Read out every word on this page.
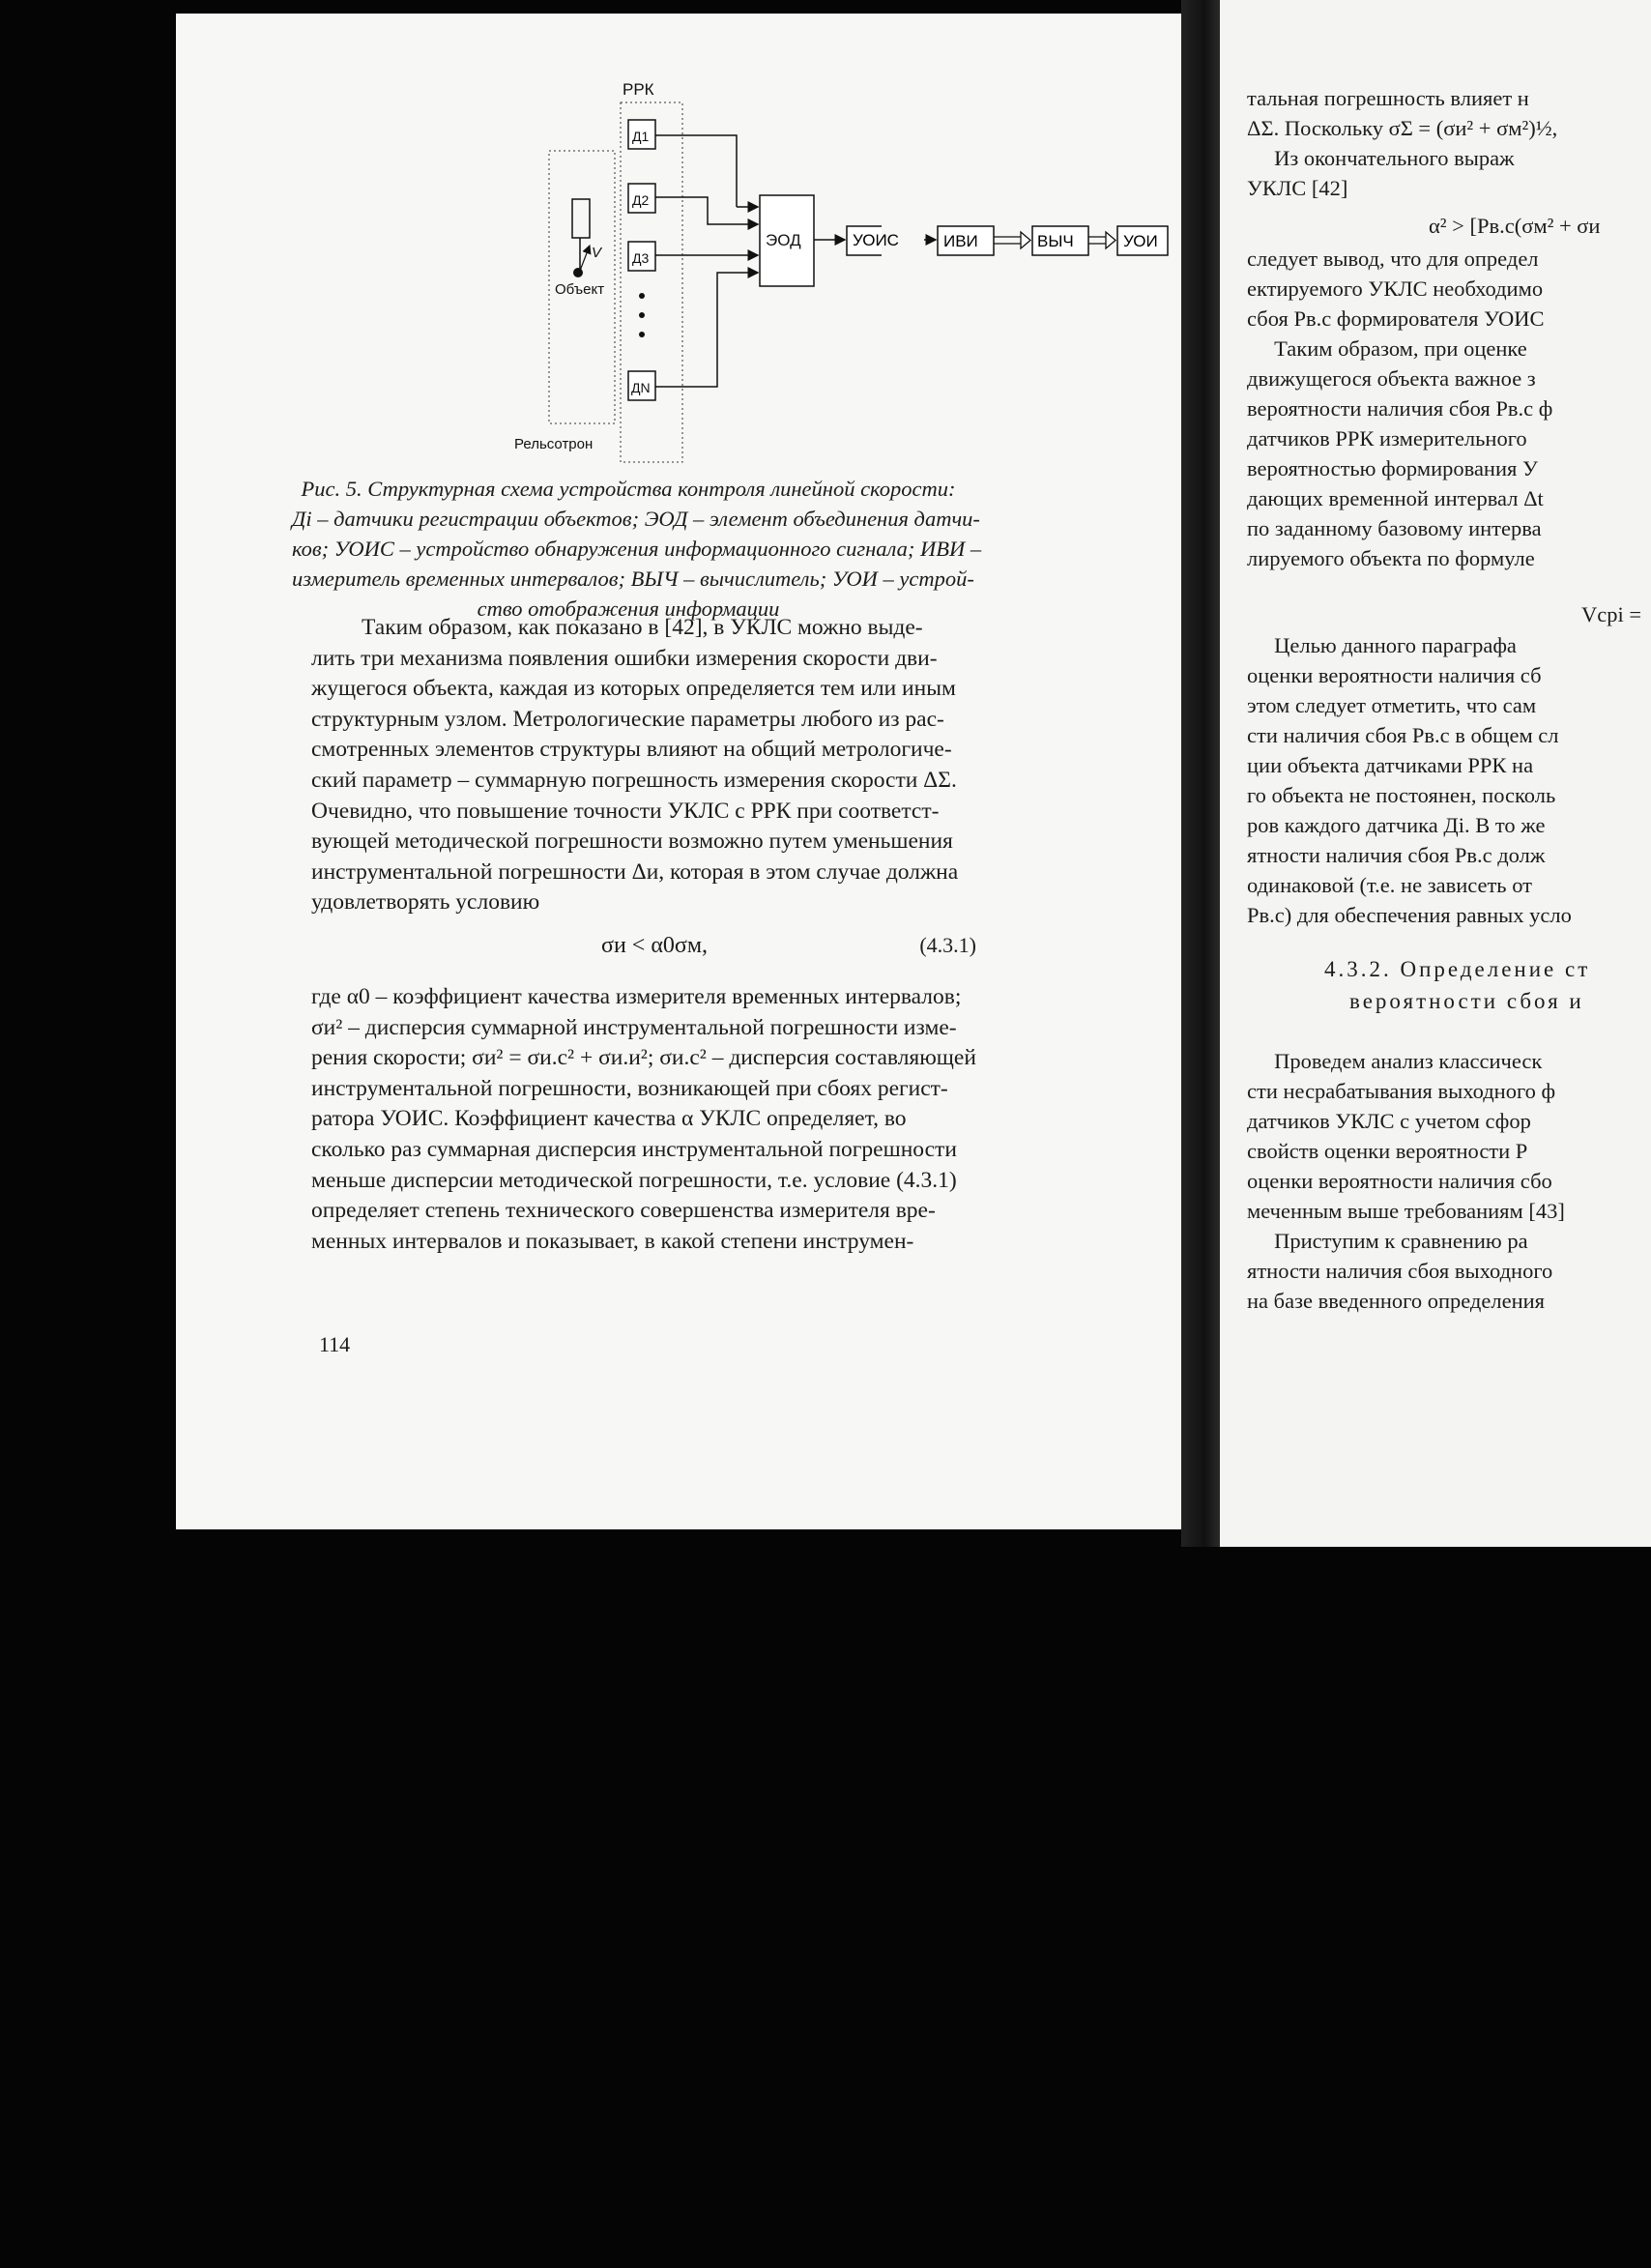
РРК
V
Объект
Рельсотрон
Д1
Д2
Д3
ДN
ЭОД	УОИС	ИВИ	ВЫЧ	УОИ
Рис. 5. Структурная схема устройства контроля линейной скорости:
Дi – датчики регистрации объектов; ЭОД – элемент объединения датчи-
ков; УОИС – устройство обнаружения информационного сигнала; ИВИ –
измеритель временных интервалов; ВЫЧ – вычислитель; УОИ – устрой-
ство отображения информации
Таким образом, как показано в [42], в УКЛС можно выде-
лить три механизма появления ошибки измерения скорости дви-
жущегося объекта, каждая из которых определяется тем или иным
структурным узлом. Метрологические параметры любого из рас-
смотренных элементов структуры влияют на общий метрологиче-
ский параметр – суммарную погрешность измерения скорости ΔΣ.
Очевидно, что повышение точности УКЛС с РРК при соответст-
вующей методической погрешности возможно путем уменьшения
инструментальной погрешности Δи, которая в этом случае должна
удовлетворять условию
σи < α0σм,	(4.3.1)
где α0 – коэффициент качества измерителя временных интервалов;
σи² – дисперсия суммарной инструментальной погрешности изме-
рения скорости; σи² = σи.с² + σи.и²; σи.с² – дисперсия составляющей
инструментальной погрешности, возникающей при сбоях регист-
ратора УОИС. Коэффициент качества α УКЛС определяет, во
сколько раз суммарная дисперсия инструментальной погрешности
меньше дисперсии методической погрешности, т.е. условие (4.3.1)
определяет степень технического совершенства измерителя вре-
менных интервалов и показывает, в какой степени инструмен-
114
тальная погрешность влияет н
ΔΣ. Поскольку σΣ = (σи² + σм²)½,
Из окончательного выраж
УКЛС [42]
α² > [Pв.с(σм² + σи
следует вывод, что для определ
ектируемого УКЛС необходимо
сбоя Pв.с формирователя УОИС
Таким образом, при оценке
движущегося объекта важное з
вероятности наличия сбоя Pв.с ф
датчиков РРК измерительного
вероятностью формирования У
дающих временной интервал Δt
по заданному базовому интерва
лируемого объекта по формуле
Vсрi =
Целью данного параграфа
оценки вероятности наличия сб
этом следует отметить, что сам
сти наличия сбоя Pв.с в общем сл
ции объекта датчиками РРК на
го объекта не постоянен, посколь
ров каждого датчика Дi. В то же
ятности наличия сбоя Pв.с долж
одинаковой (т.е. не зависеть от
Pв.с) для обеспечения равных усло
4.3.2. Определение ст
вероятности сбоя и
Проведем анализ классическ
сти несрабатывания выходного ф
датчиков УКЛС с учетом сфор
свойств оценки вероятности P
оценки вероятности наличия сбо
меченным выше требованиям [43]
Приступим к сравнению ра
ятности наличия сбоя выходного
на базе введенного определения
